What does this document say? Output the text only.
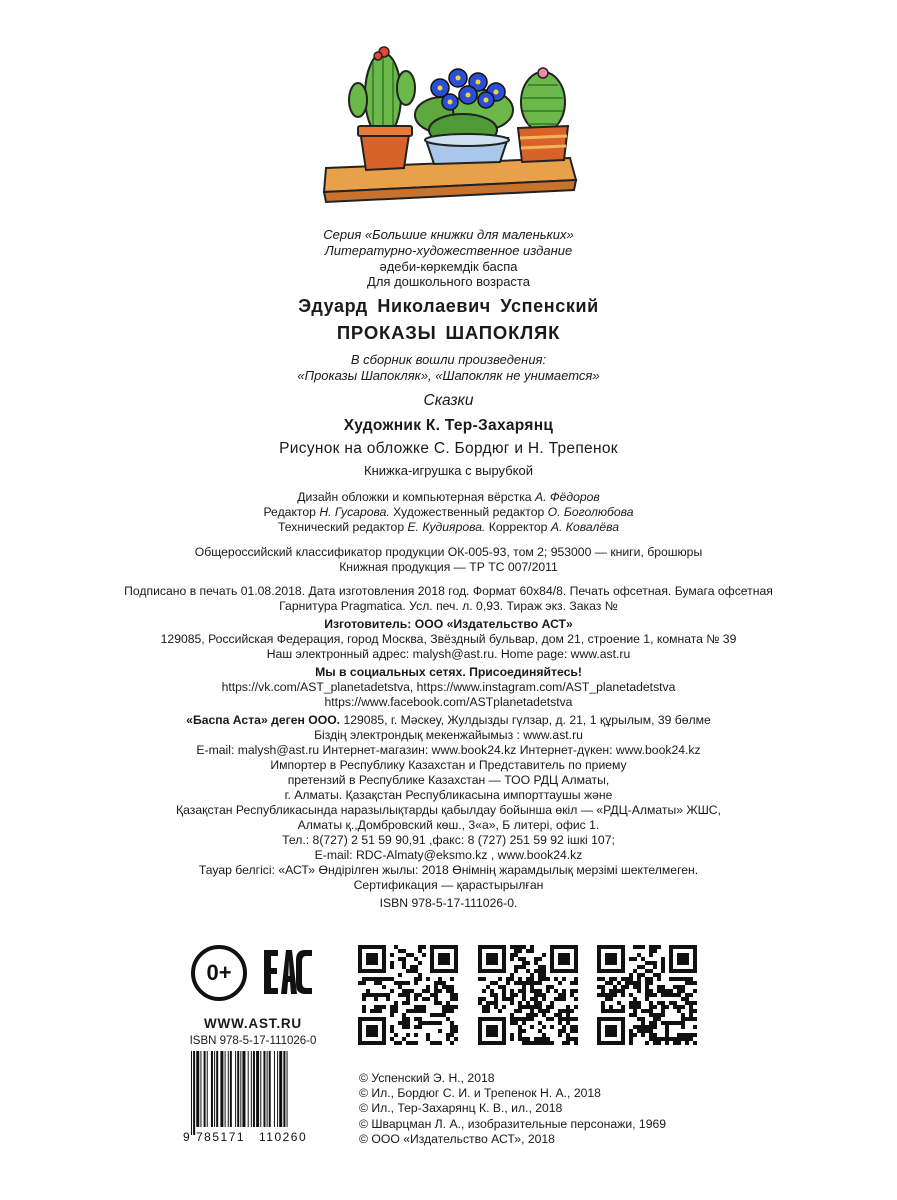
Серия «Большие книжки для маленьких»
Литературно-художественное издание
әдеби-көркемдік баспа
Для дошкольного возраста
Эдуард Николаевич Успенский
ПРОКАЗЫ ШАПОКЛЯК
В сборник вошли произведения:
«Проказы Шапокляк», «Шапокляк не унимается»
Сказки
Художник К. Тер-Захарянц
Рисунок на обложке С. Бордюг и Н. Трепенок
Книжка-игрушка с вырубкой
Дизайн обложки и компьютерная вёрстка А. Фёдоров
Редактор Н. Гусарова. Художественный редактор О. Боголюбова
Технический редактор Е. Кудиярова. Корректор А. Ковалёва
Общероссийский классификатор продукции ОК-005-93, том 2; 953000 — книги, брошюры
Книжная продукция — ТР ТС 007/2011
Подписано в печать 01.08.2018. Дата изготовления 2018 год. Формат 60х84/8. Печать офсетная. Бумага офсетная
Гарнитура Pragmatica. Усл. печ. л. 0,93. Тираж экз. Заказ №
Изготовитель: ООО «Издательство АСТ»
129085, Российская Федерация, город Москва, Звёздный бульвар, дом 21, строение 1, комната № 39
Наш электронный адрес: malysh@ast.ru. Home page: www.ast.ru
Мы в социальных сетях. Присоединяйтесь!
https://vk.com/AST_planetadetstva, https://www.instagram.com/AST_planetadetstva
https://www.facebook.com/ASTplanetadetstva
«Баспа Аста» деген ООО. 129085, г. Мәскеу, Жулдызды гүлзар, д. 21, 1 құрылым, 39 бөлме
Біздің электрондық мекенжайымыз : www.ast.ru
E-mail: malysh@ast.ru Интернет-магазин: www.book24.kz Интернет-дүкен: www.book24.kz
Импортер в Республику Казахстан и Представитель по приему
претензий в Республике Казахстан — ТОО РДЦ Алматы,
г. Алматы. Қазақстан Республикасына импорттаушы және
Қазақстан Республикасында наразылықтарды қабылдау бойынша өкіл — «РДЦ-Алматы» ЖШС,
Алматы қ.,Домбровский көш., 3«а», Б литері, офис 1.
Тел.: 8(727) 2 51 59 90,91 ,факс: 8 (727) 251 59 92 ішкі 107;
E-mail: RDC-Almaty@eksmo.kz , www.book24.kz
Тауар белгісі: «АСТ» Өндірілген жылы: 2018 Өнімнің жарамдылық мерзімі шектелмеген.
Сертификация — қарастырылған
ISBN 978-5-17-111026-0.
0+
WWW.AST.RU
ISBN 978-5-17-111026-0
9 785171 110260
© Успенский Э. Н., 2018
© Ил., Бордюг С. И. и Трепенок Н. А., 2018
© Ил., Тер-Захарянц К. В., ил., 2018
© Шварцман Л. А., изобразительные персонажи, 1969
© ООО «Издательство АСТ», 2018
